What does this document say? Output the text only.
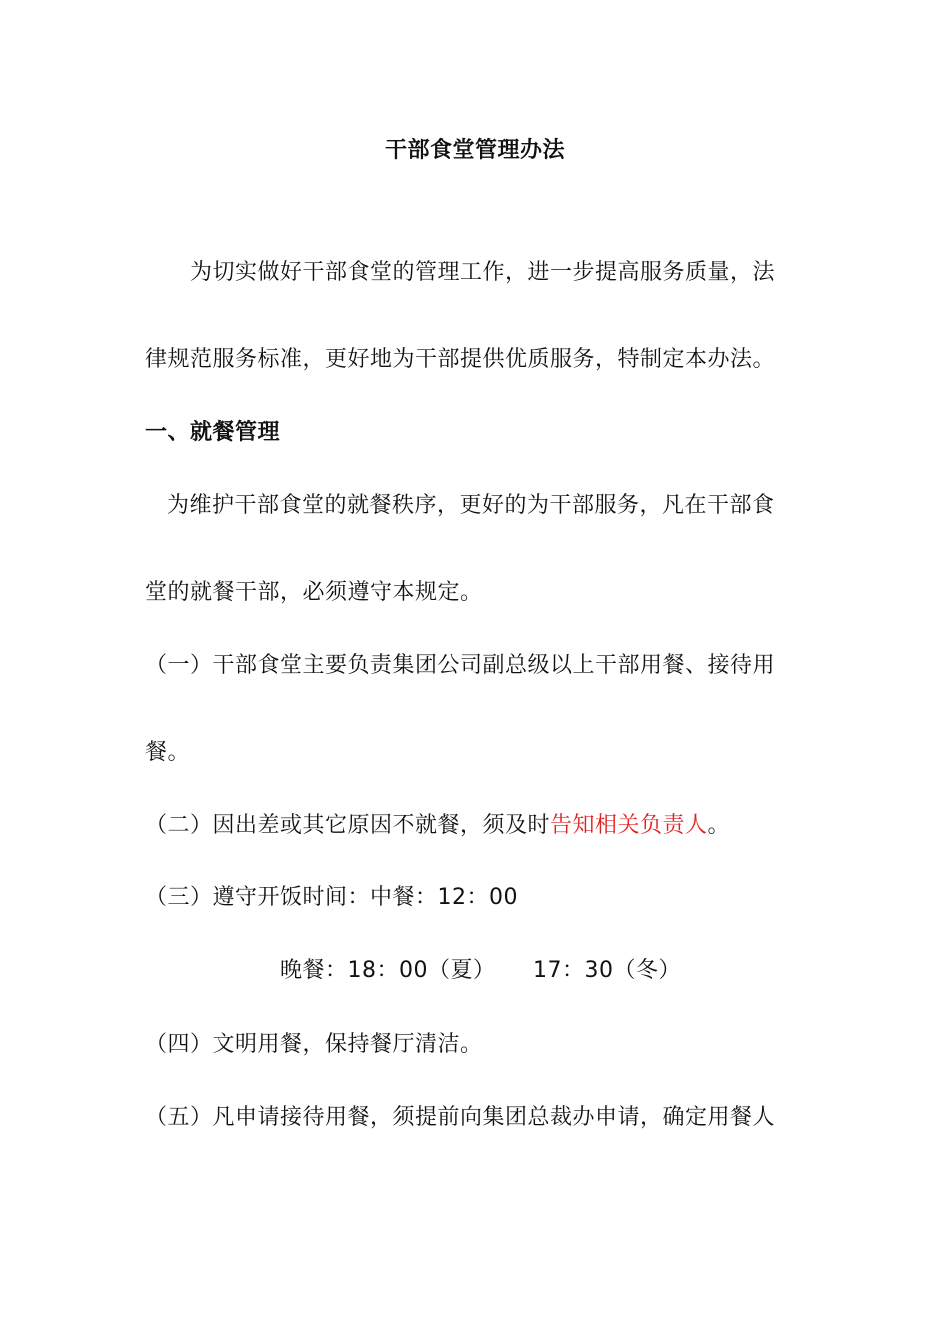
干部食堂管理办法
为切实做好干部食堂的管理工作，进一步提高服务质量，法
律规范服务标准，更好地为干部提供优质服务，特制定本办法。
一、就餐管理
为维护干部食堂的就餐秩序，更好的为干部服务，凡在干部食
堂的就餐干部，必须遵守本规定。
（一）干部食堂主要负责集团公司副总级以上干部用餐、接待用
餐。
（二）因出差或其它原因不就餐，须及时告知相关负责人。
（三）遵守开饭时间：中餐：12：00
晚餐：18：00（夏）     17：30（冬）
（四）文明用餐，保持餐厅清洁。
（五）凡申请接待用餐，须提前向集团总裁办申请，确定用餐人
